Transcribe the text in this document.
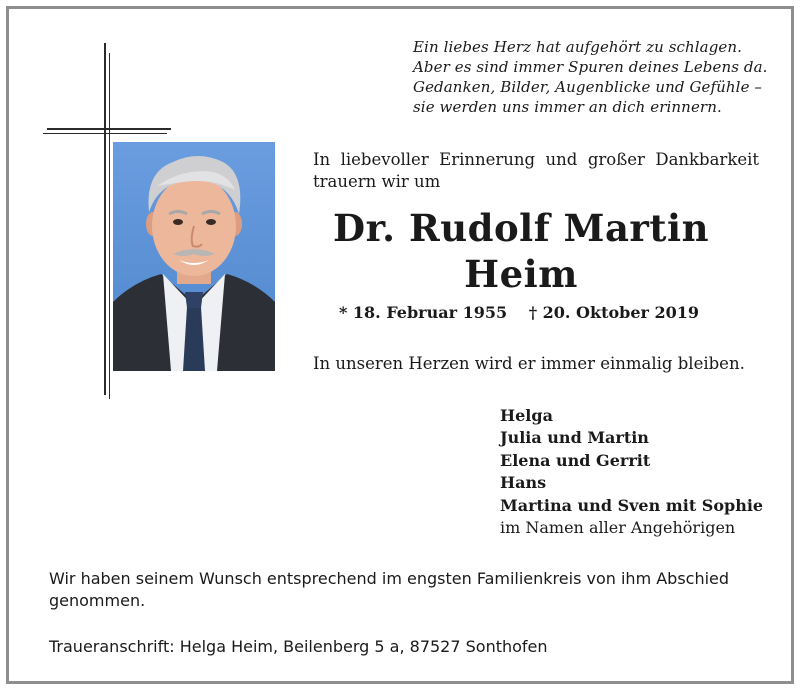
Ein liebes Herz hat aufgehört zu schlagen.
Aber es sind immer Spuren deines Lebens da.
Gedanken, Bilder, Augenblicke und Gefühle –
sie werden uns immer an dich erinnern.
In liebevoller Erinnerung und großer Dankbarkeit
trauern wir um
Dr. Rudolf Martin
Heim
* 18. Februar 1955 † 20. Oktober 2019
In unseren Herzen wird er immer einmalig bleiben.
Helga
Julia und Martin
Elena und Gerrit
Hans
Martina und Sven mit Sophie
im Namen aller Angehörigen
Wir haben seinem Wunsch entsprechend im engsten Familienkreis von ihm Abschied genommen.
Traueranschrift: Helga Heim, Beilenberg 5 a, 87527 Sonthofen
